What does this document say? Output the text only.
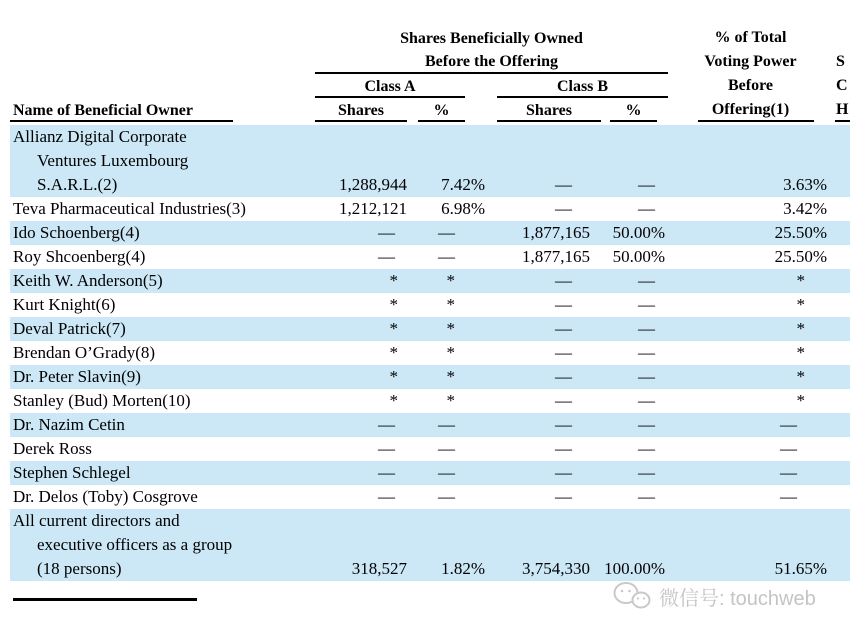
Shares Beneficially Owned
Before the Offering
Class A	Class B
Shares	%	Shares	%
% of Total
Voting Power
Before
Offering(1)
S
C
H
Name of Beneficial Owner
Allianz Digital Corporate
Ventures Luxembourg
S.A.R.L.(2)	1,288,944	7.42%	—	—	3.63%
Teva Pharmaceutical Industries(3)	1,212,121	6.98%	—	—	3.42%
Ido Schoenberg(4)	—	—	1,877,165	50.00%	25.50%
Roy Shcoenberg(4)	—	—	1,877,165	50.00%	25.50%
Keith W. Anderson(5)	*	*	—	—	*
Kurt Knight(6)	*	*	—	—	*
Deval Patrick(7)	*	*	—	—	*
Brendan O’Grady(8)	*	*	—	—	*
Dr. Peter Slavin(9)	*	*	—	—	*
Stanley (Bud) Morten(10)	*	*	—	—	*
Dr. Nazim Cetin	—	—	—	—	—
Derek Ross	—	—	—	—	—
Stephen Schlegel	—	—	—	—	—
Dr. Delos (Toby) Cosgrove	—	—	—	—	—
All current directors and
executive officers as a group
(18 persons)	318,527	1.82%	3,754,330 100.00%	51.65%
微信号: touchweb
